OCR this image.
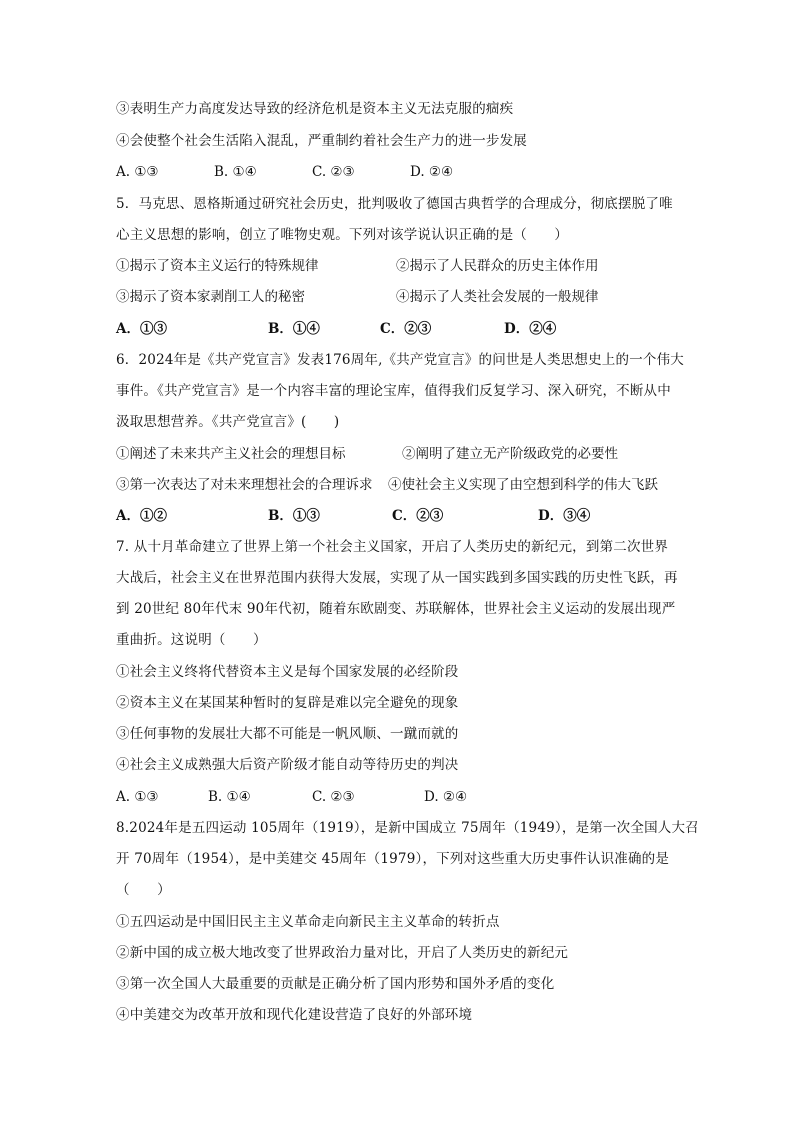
③表明生产力高度发达导致的经济危机是资本主义无法克服的痼疾
④会使整个社会生活陷入混乱，严重制约着社会生产力的进一步发展
A. ①③	B. ①④	C. ②③	D. ②④
5．马克思、恩格斯通过研究社会历史，批判吸收了德国古典哲学的合理成分，彻底摆脱了唯
心主义思想的影响，创立了唯物史观。下列对该学说认识正确的是（　　）
①揭示了资本主义运行的特殊规律	②揭示了人民群众的历史主体作用
③揭示了资本家剥削工人的秘密	④揭示了人类社会发展的一般规律
A．①③	B．①④	C．②③	D．②④
6．2024年是《共产党宣言》发表176周年,《共产党宣言》的问世是人类思想史上的一个伟大
事件。《共产党宣言》是一个内容丰富的理论宝库，值得我们反复学习、深入研究，不断从中
汲取思想营养。《共产党宣言》(　　)
①阐述了未来共产主义社会的理想目标	②阐明了建立无产阶级政党的必要性
③第一次表达了对未来理想社会的合理诉求 ④使社会主义实现了由空想到科学的伟大飞跃
A．①②	B．①③	C．②③	D．③④
7. 从十月革命建立了世界上第一个社会主义国家，开启了人类历史的新纪元，到第二次世界
大战后，社会主义在世界范围内获得大发展，实现了从一国实践到多国实践的历史性飞跃，再
到 20世纪 80年代末 90年代初，随着东欧剧变、苏联解体，世界社会主义运动的发展出现严
重曲折。这说明（　　）
①社会主义终将代替资本主义是每个国家发展的必经阶段
②资本主义在某国某种暂时的复辟是难以完全避免的现象
③任何事物的发展壮大都不可能是一帆风顺、一蹴而就的
④社会主义成熟强大后资产阶级才能自动等待历史的判决
A. ①③	B. ①④	C. ②③	D. ②④
8.2024年是五四运动 105周年（1919），是新中国成立 75周年（1949），是第一次全国人大召
开 70周年（1954），是中美建交 45周年（1979），下列对这些重大历史事件认识准确的是
（　　）
①五四运动是中国旧民主主义革命走向新民主主义革命的转折点
②新中国的成立极大地改变了世界政治力量对比，开启了人类历史的新纪元
③第一次全国人大最重要的贡献是正确分析了国内形势和国外矛盾的变化
④中美建交为改革开放和现代化建设营造了良好的外部环境
